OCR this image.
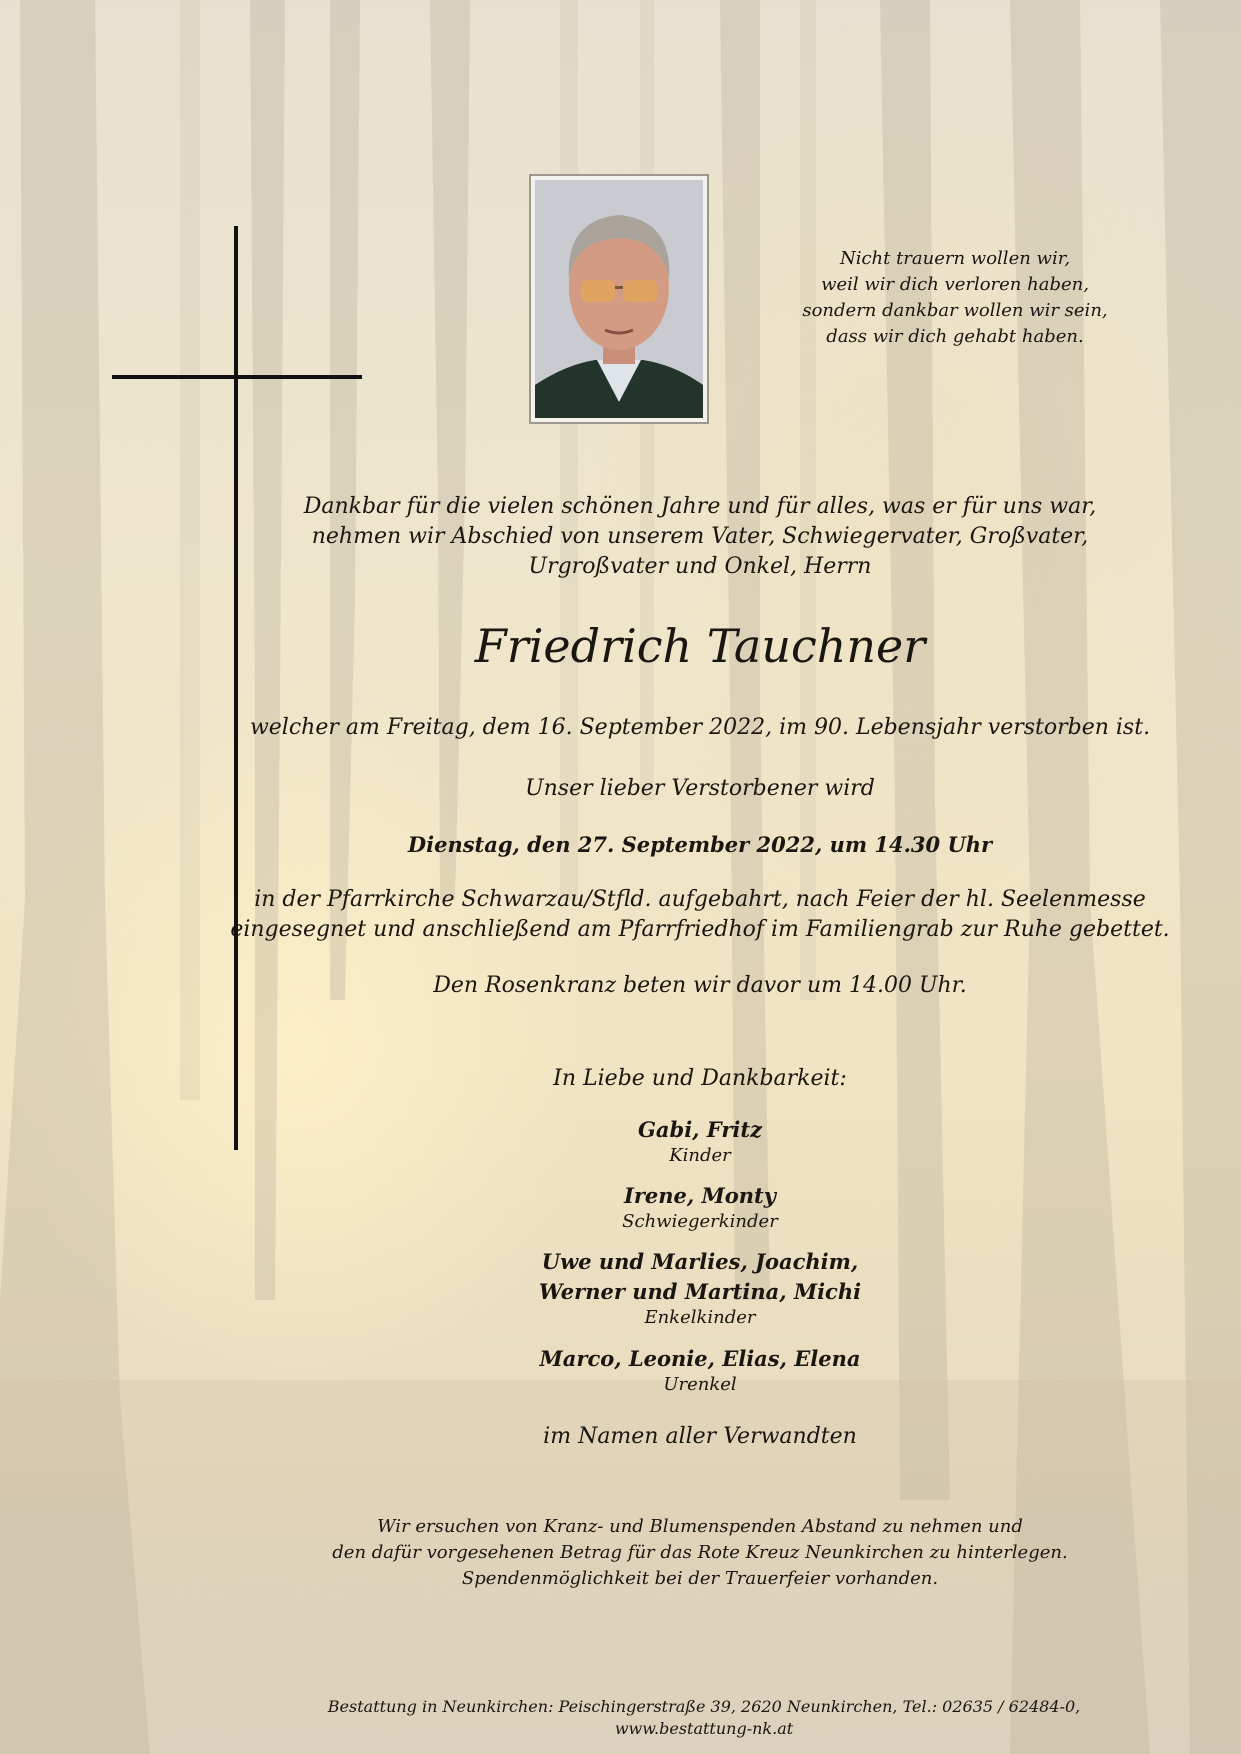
Nicht trauern wollen wir,
weil wir dich verloren haben,
sondern dankbar wollen wir sein,
dass wir dich gehabt haben.
Dankbar für die vielen schönen Jahre und für alles, was er für uns war,
nehmen wir Abschied von unserem Vater, Schwiegervater, Großvater,
Urgroßvater und Onkel, Herrn
Friedrich Tauchner
welcher am Freitag, dem 16. September 2022, im 90. Lebensjahr verstorben ist.
Unser lieber Verstorbener wird
Dienstag, den 27. September 2022, um 14.30 Uhr
in der Pfarrkirche Schwarzau/Stfld. aufgebahrt, nach Feier der hl. Seelenmesse
eingesegnet und anschließend am Pfarrfriedhof im Familiengrab zur Ruhe gebettet.
Den Rosenkranz beten wir davor um 14.00 Uhr.
In Liebe und Dankbarkeit:
Gabi, Fritz
Kinder
Irene, Monty
Schwiegerkinder
Uwe und Marlies, Joachim,
Werner und Martina, Michi
Enkelkinder
Marco, Leonie, Elias, Elena
Urenkel
im Namen aller Verwandten
Wir ersuchen von Kranz- und Blumenspenden Abstand zu nehmen und
den dafür vorgesehenen Betrag für das Rote Kreuz Neunkirchen zu hinterlegen.
Spendenmöglichkeit bei der Trauerfeier vorhanden.
Bestattung in Neunkirchen: Peischingerstraße 39, 2620 Neunkirchen, Tel.: 02635 / 62484-0, www.bestattung-nk.at
